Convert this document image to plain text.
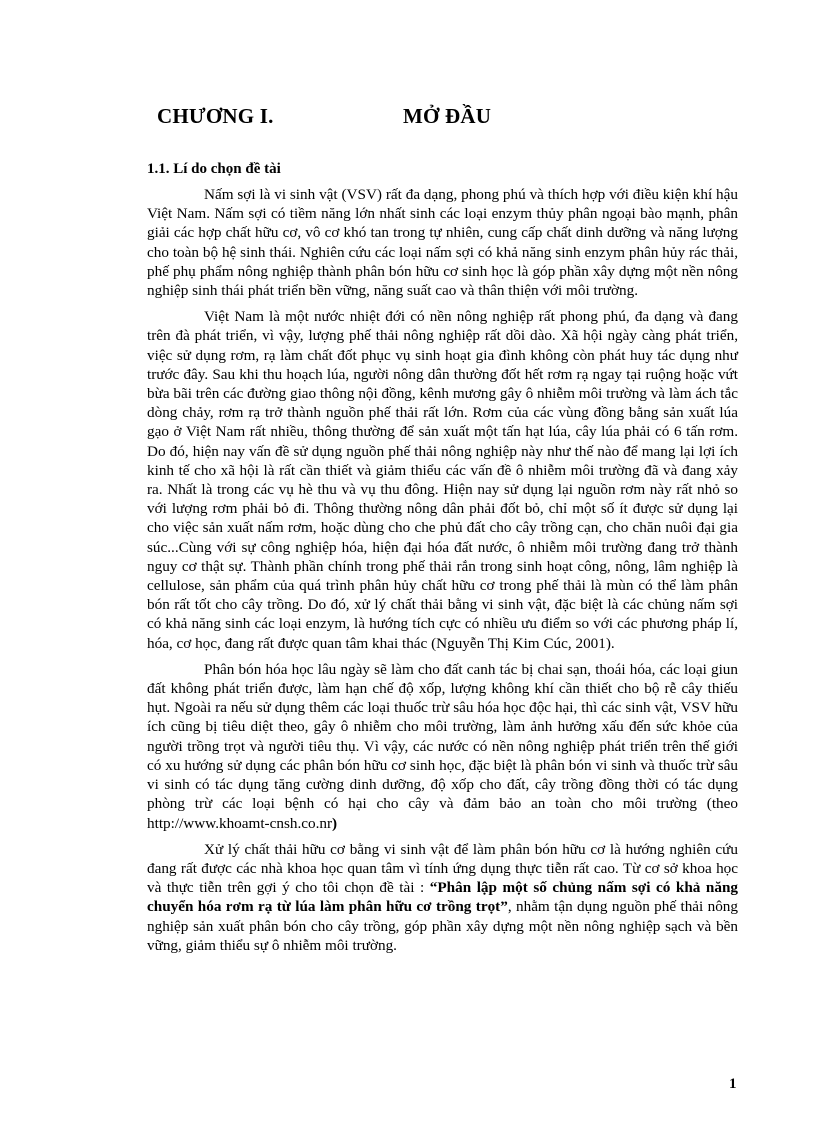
CHƯƠNG I.	MỞ ĐẦU
1.1. Lí do chọn đề tài

Nấm sợi là vi sinh vật (VSV) rất đa dạng, phong phú và thích hợp với điều kiện khí hậu Việt Nam. Nấm sợi có tiềm năng lớn nhất sinh các loại enzym thủy phân ngoại bào mạnh, phân giải các hợp chất hữu cơ, vô cơ khó tan trong tự nhiên, cung cấp chất dinh dưỡng và năng lượng cho toàn bộ hệ sinh thái. Nghiên cứu các loại nấm sợi có khả năng sinh enzym phân hủy rác thải, phế phụ phẩm nông nghiệp thành phân bón hữu cơ sinh học là góp phần xây dựng một nền nông nghiệp sinh thái phát triển bền vững, năng suất cao và thân thiện với môi trường.

Việt Nam là một nước nhiệt đới có nền nông nghiệp rất phong phú, đa dạng và đang trên đà phát triển, vì vậy, lượng phế thải nông nghiệp rất dồi dào. Xã hội ngày càng phát triển, việc sử dụng rơm, rạ làm chất đốt phục vụ sinh hoạt gia đình không còn phát huy tác dụng như trước đây. Sau khi thu hoạch lúa, người nông dân thường đốt hết rơm rạ ngay tại ruộng hoặc vứt bừa bãi trên các đường giao thông nội đồng, kênh mương gây ô nhiễm môi trường và làm ách tắc dòng chảy, rơm rạ trở thành nguồn phế thải rất lớn. Rơm của các vùng đồng bằng sản xuất lúa gạo ở Việt Nam rất nhiều, thông thường để sản xuất một tấn hạt lúa, cây lúa phải có 6 tấn rơm. Do đó, hiện nay vấn đề sử dụng nguồn phế thải nông nghiệp này như thế nào để mang lại lợi ích kinh tế cho xã hội là rất cần thiết và giảm thiểu các vấn đề ô nhiễm môi trường đã và đang xảy ra. Nhất là trong các vụ hè thu và vụ thu đông. Hiện nay sử dụng lại nguồn rơm này rất nhỏ so với lượng rơm phải bỏ đi. Thông thường nông dân phải đốt bỏ, chỉ một số ít được sử dụng lại cho việc sản xuất nấm rơm, hoặc dùng cho che phủ đất cho cây trồng cạn, cho chăn nuôi đại gia súc...Cùng với sự công nghiệp hóa, hiện đại hóa đất nước, ô nhiễm môi trường đang trở thành nguy cơ thật sự. Thành phần chính trong phế thải rắn trong sinh hoạt công, nông, lâm nghiệp là cellulose, sản phẩm của quá trình phân hủy chất hữu cơ trong phế thải là mùn có thể làm phân bón rất tốt cho cây trồng. Do đó, xử lý chất thải bằng vi sinh vật, đặc biệt là các chủng nấm sợi có khả năng sinh các loại enzym, là hướng tích cực có nhiều ưu điểm so với các phương pháp lí, hóa, cơ học, đang rất được quan tâm khai thác (Nguyễn Thị Kim Cúc, 2001).

Phân bón hóa học lâu ngày sẽ làm cho đất canh tác bị chai sạn, thoái hóa, các loại giun đất không phát triển được, làm hạn chế độ xốp, lượng không khí cần thiết cho bộ rễ cây thiếu hụt. Ngoài ra nếu sử dụng thêm các loại thuốc trừ sâu hóa học độc hại, thì các sinh vật, VSV hữu ích cũng bị tiêu diệt theo, gây ô nhiễm cho môi trường, làm ảnh hưởng xấu đến sức khỏe của người trồng trọt và người tiêu thụ. Vì vậy, các nước có nền nông nghiệp phát triển trên thế giới có xu hướng sử dụng các phân bón hữu cơ sinh học, đặc biệt là phân bón vi sinh và thuốc trừ sâu vi sinh có tác dụng tăng cường dinh dưỡng, độ xốp cho đất, cây trồng đồng thời có tác dụng phòng trừ các loại bệnh có hại cho cây và đảm bảo an toàn cho môi trường (theo http://www.khoamt-cnsh.co.nr)

Xử lý chất thải hữu cơ bằng vi sinh vật để làm phân bón hữu cơ là hướng nghiên cứu đang rất được các nhà khoa học quan tâm vì tính ứng dụng thực tiễn rất cao. Từ cơ sở khoa học và thực tiễn trên gợi ý cho tôi chọn đề tài : “Phân lập một số chủng nấm sợi có khả năng chuyển hóa rơm rạ từ lúa làm phân hữu cơ trồng trọt”, nhằm tận dụng nguồn phế thải nông nghiệp sản xuất phân bón cho cây trồng, góp phần xây dựng một nền nông nghiệp sạch và bền vững, giảm thiểu sự ô nhiễm môi trường.

1
